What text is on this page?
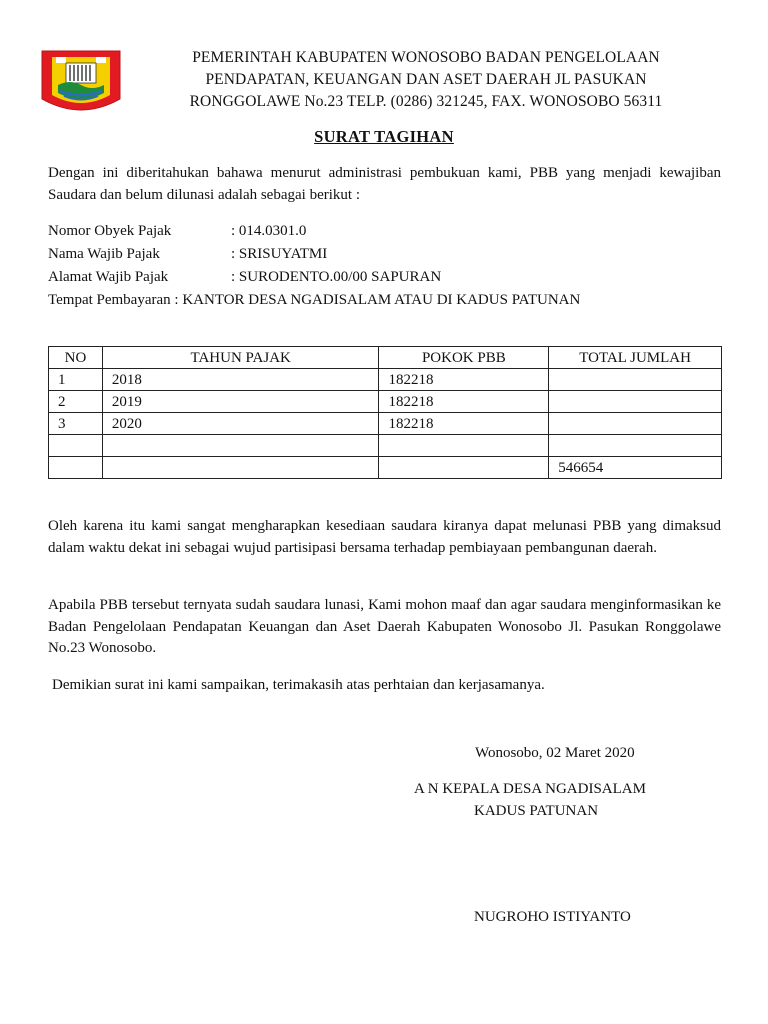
PEMERINTAH KABUPATEN WONOSOBO BADAN PENGELOLAAN
PENDAPATAN, KEUANGAN DAN ASET DAERAH JL PASUKAN
RONGGOLAWE No.23 TELP. (0286) 321245, FAX. WONOSOBO 56311
SURAT TAGIHAN
Dengan ini diberitahukan bahawa menurut administrasi pembukuan kami, PBB yang menjadi kewajiban Saudara dan belum dilunasi adalah sebagai berikut :
Nomor Obyek Pajak	: 014.0301.0
Nama Wajib Pajak	: SRISUYATMI
Alamat Wajib Pajak	: SURODENTO.00/00 SAPURAN
Tempat Pembayaran : KANTOR DESA NGADISALAM ATAU DI KADUS PATUNAN
NO	TAHUN PAJAK	POKOK PBB	TOTAL JUMLAH
1	2018	182218	
2	2019	182218	
3	2020	182218	

			546654
Oleh karena itu kami sangat mengharapkan kesediaan saudara kiranya dapat melunasi PBB yang dimaksud dalam waktu dekat ini sebagai wujud partisipasi bersama terhadap pembiayaan pembangunan daerah.
Apabila PBB tersebut ternyata sudah saudara lunasi, Kami mohon maaf dan agar saudara menginformasikan ke Badan Pengelolaan Pendapatan Keuangan dan Aset Daerah Kabupaten Wonosobo Jl. Pasukan Ronggolawe No.23 Wonosobo.
Demikian surat ini kami sampaikan, terimakasih atas perhtaian dan kerjasamanya.
Wonosobo, 02 Maret 2020
A N KEPALA DESA NGADISALAM
KADUS PATUNAN
NUGROHO ISTIYANTO
